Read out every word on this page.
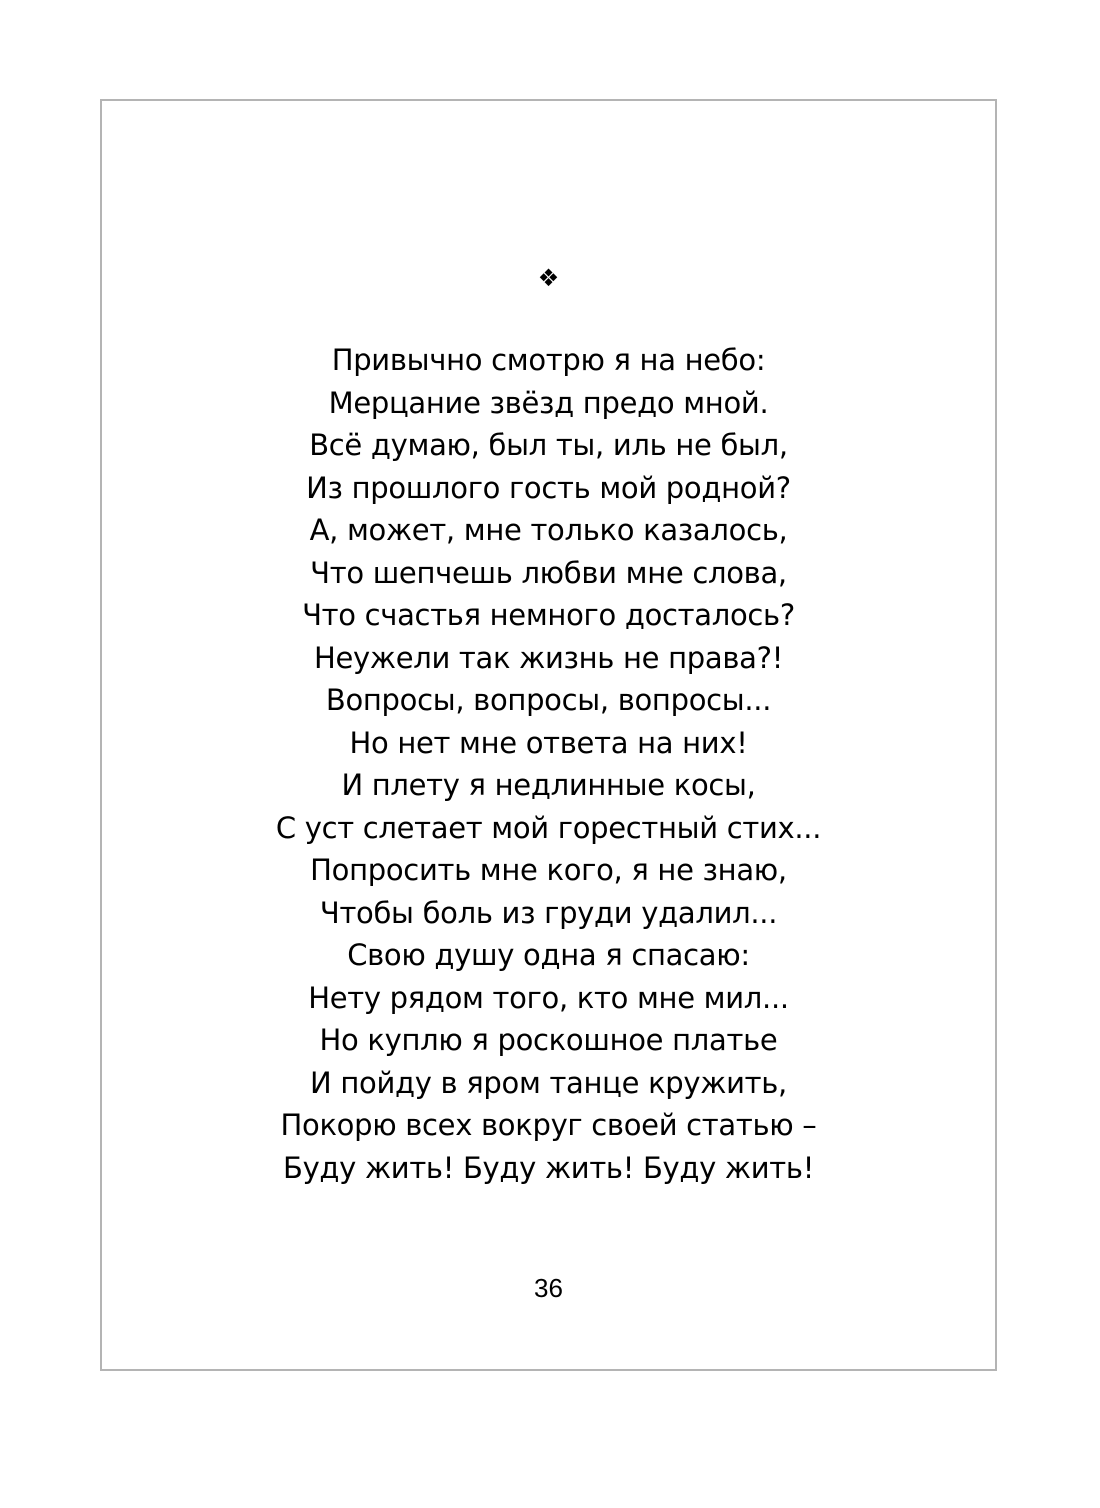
❖
Привычно смотрю я на небо:
Мерцание звёзд предо мной.
Всё думаю, был ты, иль не был,
Из прошлого гость мой родной?
А, может, мне только казалось,
Что шепчешь любви мне слова,
Что счастья немного досталось?
Неужели так жизнь не права?!
Вопросы, вопросы, вопросы...
Но нет мне ответа на них!
И плету я недлинные косы,
С уст слетает мой горестный стих...
Попросить мне кого, я не знаю,
Чтобы боль из груди удалил...
Свою душу одна я спасаю:
Нету рядом того, кто мне мил...
Но куплю я роскошное платье
И пойду в яром танце кружить,
Покорю всех вокруг своей статью –
Буду жить! Буду жить! Буду жить!
36
